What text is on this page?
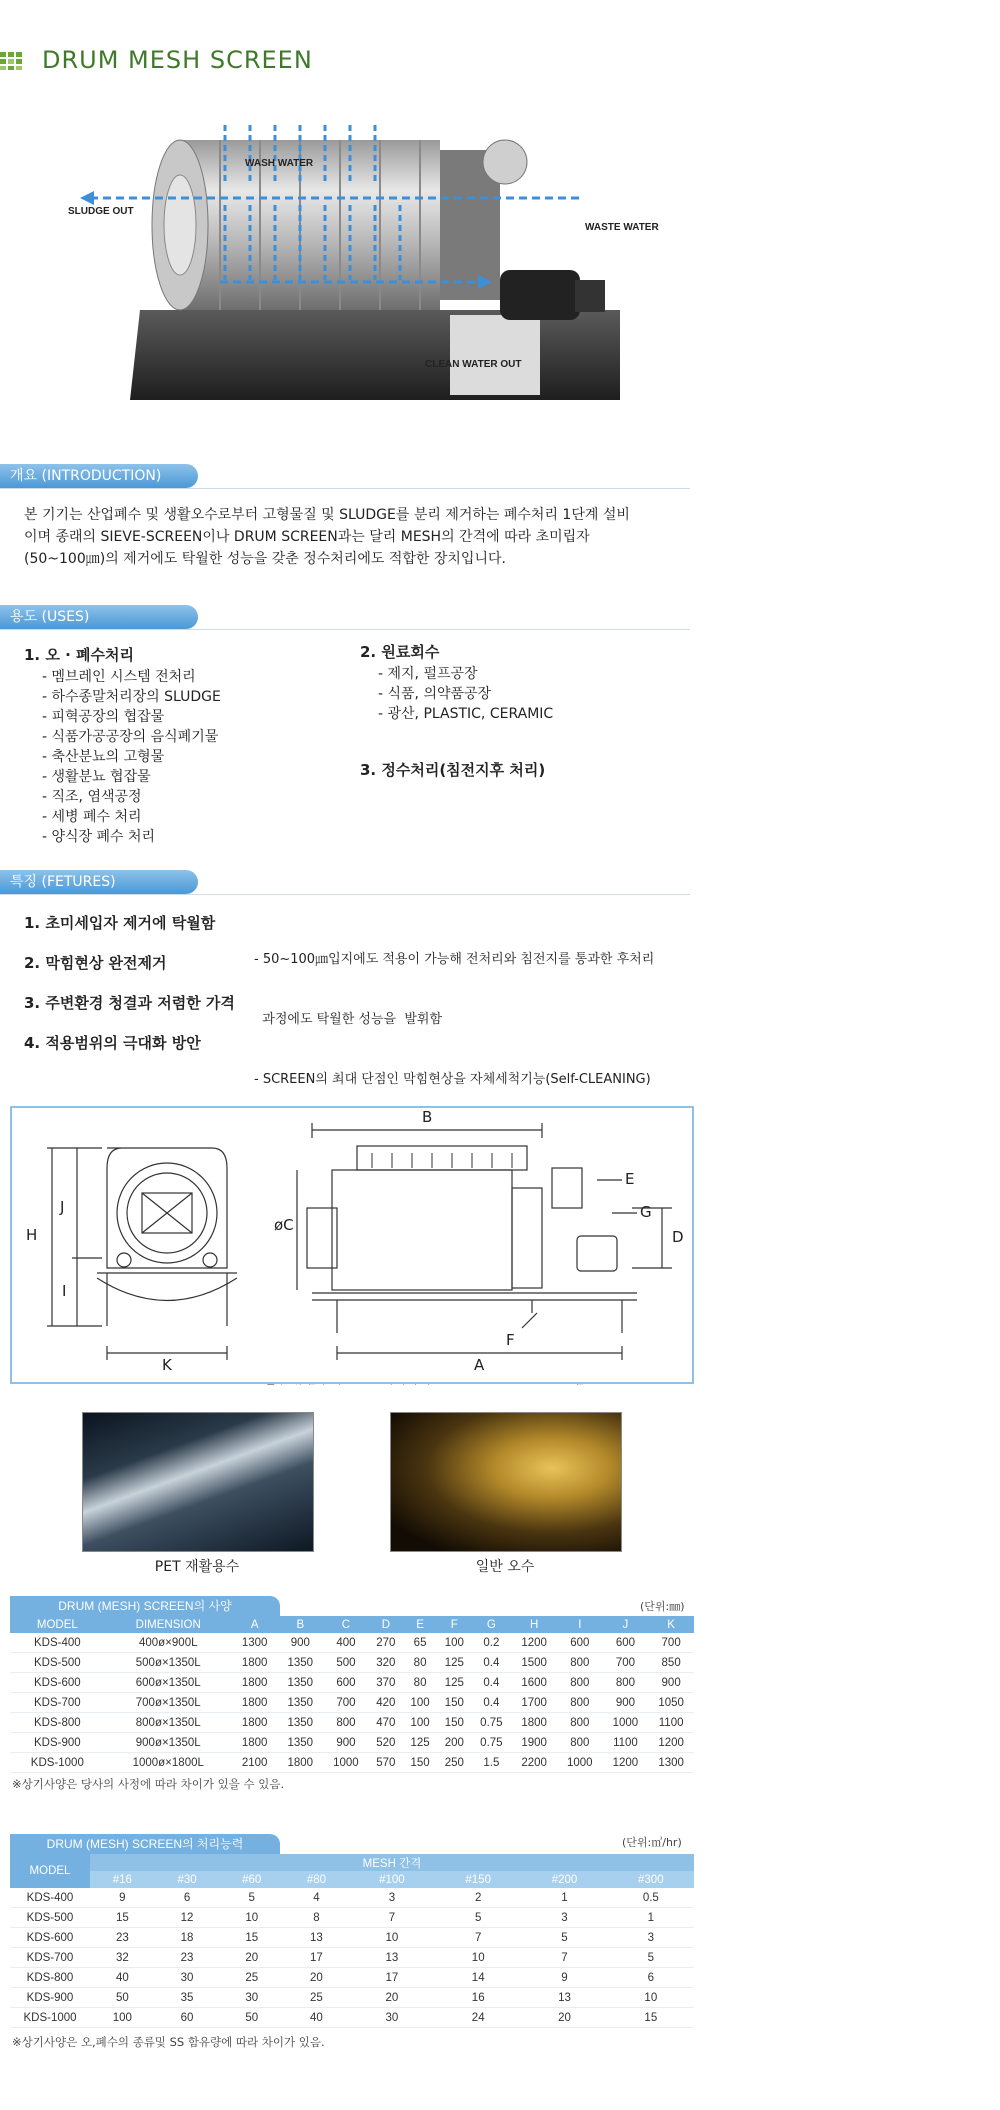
DRUM MESH SCREEN
WASH WATER
SLUDGE OUT
WASTE WATER
CLEAN WATER OUT
개요 (INTRODUCTION)
본 기기는 산업폐수 및 생활오수로부터 고형물질 및 SLUDGE를 분리 제거하는 폐수처리 1단계 설비
이며 종래의 SIEVE-SCREEN이나 DRUM SCREEN과는 달리 MESH의 간격에 따라 초미립자
(50~100㎛)의 제거에도 탁월한 성능을 갖춘 정수처리에도 적합한 장치입니다.
용도 (USES)
1. 오 · 폐수처리
- 멤브레인 시스템 전처리
- 하수종말처리장의 SLUDGE
- 피혁공장의 협잡물
- 식품가공공장의 음식폐기물
- 축산분뇨의 고형물
- 생활분뇨 협잡물
- 직조, 염색공정
- 세병 폐수 처리
- 양식장 폐수 처리
2. 원료회수
- 제지, 펄프공장
- 식품, 의약품공장
- 광산, PLASTIC, CERAMIC
3. 정수처리(침전지후 처리)
특징 (FETURES)
1. 초미세입자 제거에 탁월함
2. 막힘현상 완전제거
3. 주변환경 청결과 저렴한 가격
4. 적용범위의 극대화 방안

- 50~100㎛입지에도 적용이 가능해 전처리와 침전지를 통과한 후처리

과정에도 탁월한 성능을  발휘함

- SCREEN의 최대 단점인 막힘현상을 자체세척기능(Self-CLEANING)

H
J
I
K
B
øC
E
G
D
F
A
PET 재활용수	일반 오수
DRUM (MESH) SCREEN의 사양	(단위:㎜)
MODEL	DIMENSION	A	B	C	D	E	F	G	H	I	J	K
KDS-400	400ø×900L	1300	900	400	270	65	100	0.2	1200	600	600	700
KDS-500	500ø×1350L	1800	1350	500	320	80	125	0.4	1500	800	700	850
KDS-600	600ø×1350L	1800	1350	600	370	80	125	0.4	1600	800	800	900
KDS-700	700ø×1350L	1800	1350	700	420	100	150	0.4	1700	800	900	1050
KDS-800	800ø×1350L	1800	1350	800	470	100	150	0.75	1800	800	1000	1100
KDS-900	900ø×1350L	1800	1350	900	520	125	200	0.75	1900	800	1100	1200
KDS-1000	1000ø×1800L	2100	1800	1000	570	150	250	1.5	2200	1000	1200	1300
※상기사양은 당사의 사정에 따라 차이가 있을 수 있음.
DRUM (MESH) SCREEN의 처리능력	(단위:㎥/hr)
MODEL	MESH 간격							
	#16	#30	#60	#80	#100	#150	#200	#300
KDS-400	9	6	5	4	3	2	1	0.5
KDS-500	15	12	10	8	7	5	3	1
KDS-600	23	18	15	13	10	7	5	3
KDS-700	32	23	20	17	13	10	7	5
KDS-800	40	30	25	20	17	14	9	6
KDS-900	50	35	30	25	20	16	13	10
KDS-1000	100	60	50	40	30	24	20	15
※상기사양은 오,폐수의 종류및 SS 함유량에 따라 차이가 있음.
